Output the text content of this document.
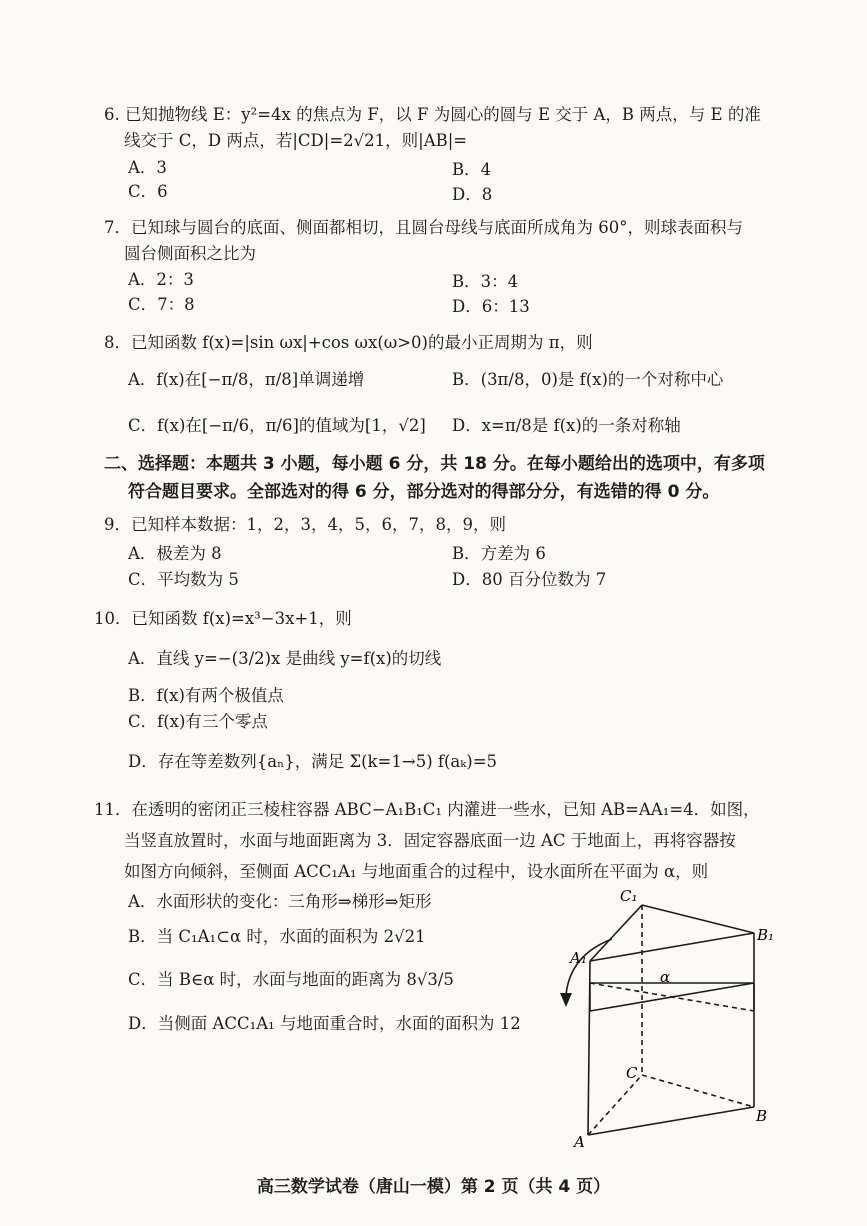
6. 已知抛物线 E：y²=4x 的焦点为 F，以 F 为圆心的圆与 E 交于 A，B 两点，与 E 的准
线交于 C，D 两点，若|CD|=2√21，则|AB|=
A．3	B．4
C．6	D．8
7．已知球与圆台的底面、侧面都相切，且圆台母线与底面所成角为 60°，则球表面积与
圆台侧面积之比为
A．2：3	B．3：4
C．7：8	D．6：13
8．已知函数 f(x)=|sin ωx|+cos ωx(ω>0)的最小正周期为 π，则
A．f(x)在[−π/8，π/8]单调递增	B．(3π/8，0)是 f(x)的一个对称中心
C．f(x)在[−π/6，π/6]的值域为[1，√2] D．x=π/8是 f(x)的一条对称轴
二、选择题：本题共 3 小题，每小题 6 分，共 18 分。在每小题给出的选项中，有多项
符合题目要求。全部选对的得 6 分，部分选对的得部分分，有选错的得 0 分。
9．已知样本数据：1，2，3，4，5，6，7，8，9，则
A．极差为 8	B．方差为 6
C．平均数为 5	D．80 百分位数为 7
10．已知函数 f(x)=x³−3x+1，则
A．直线 y=−(3/2)x 是曲线 y=f(x)的切线
B．f(x)有两个极值点
C．f(x)有三个零点
D．存在等差数列{aₙ}，满足 Σ(k=1→5) f(aₖ)=5
11．在透明的密闭正三棱柱容器 ABC−A₁B₁C₁ 内灌进一些水，已知 AB=AA₁=4．如图，
当竖直放置时，水面与地面距离为 3．固定容器底面一边 AC 于地面上，再将容器按
如图方向倾斜，至侧面 ACC₁A₁ 与地面重合的过程中，设水面所在平面为 α，则
A．水面形状的变化：三角形⇒梯形⇒矩形
B．当 C₁A₁⊂α 时，水面的面积为 2√21
C．当 B∈α 时，水面与地面的距离为 8√3/5
D．当侧面 ACC₁A₁ 与地面重合时，水面的面积为 12
C₁
B₁
A₁
α
C
A
B
高三数学试卷（唐山一模）第 2 页（共 4 页）
